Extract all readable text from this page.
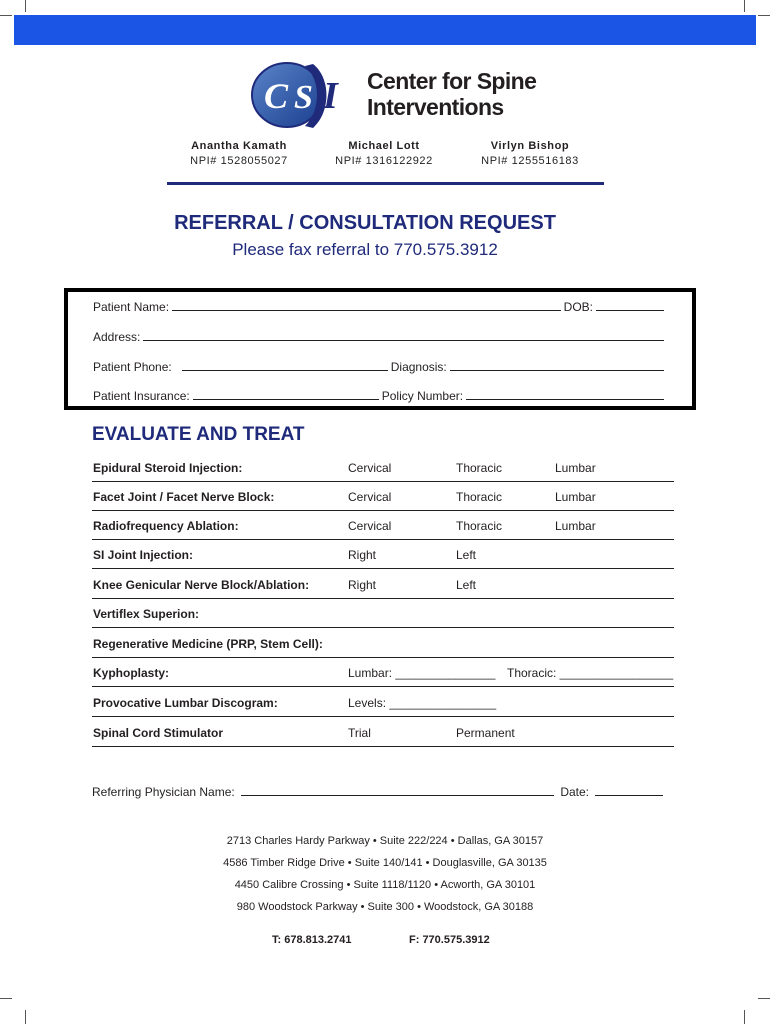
C S I Center for Spine
Interventions
Anantha Kamath
NPI# 1528055027
Michael Lott
NPI# 1316122922
Virlyn Bishop
NPI# 1255516183
REFERRAL / CONSULTATION REQUEST
Please fax referral to 770.575.3912
Patient Name:	DOB:
Address:
Patient Phone:	Diagnosis:
Patient Insurance:	Policy Number:
EVALUATE AND TREAT
Epidural Steroid Injection:	Cervical	Thoracic	Lumbar
Facet Joint / Facet Nerve Block:	Cervical	Thoracic	Lumbar
Radiofrequency Ablation:	Cervical	Thoracic	Lumbar
SI Joint Injection:	Right	Left
Knee Genicular Nerve Block/Ablation:	Right	Left
Vertiflex Superion:
Regenerative Medicine (PRP, Stem Cell):
Kyphoplasty:	Lumbar: _______________ Thoracic: _________________
Provocative Lumbar Discogram:	Levels: ________________
Spinal Cord Stimulator	Trial	Permanent
Referring Physician Name:	Date:
2713 Charles Hardy Parkway • Suite 222/224 • Dallas, GA 30157
4586 Timber Ridge Drive • Suite 140/141 • Douglasville, GA 30135
4450 Calibre Crossing • Suite 1118/1120 • Acworth, GA 30101
980 Woodstock Parkway • Suite 300 • Woodstock, GA 30188
T: 678.813.2741	F: 770.575.3912
